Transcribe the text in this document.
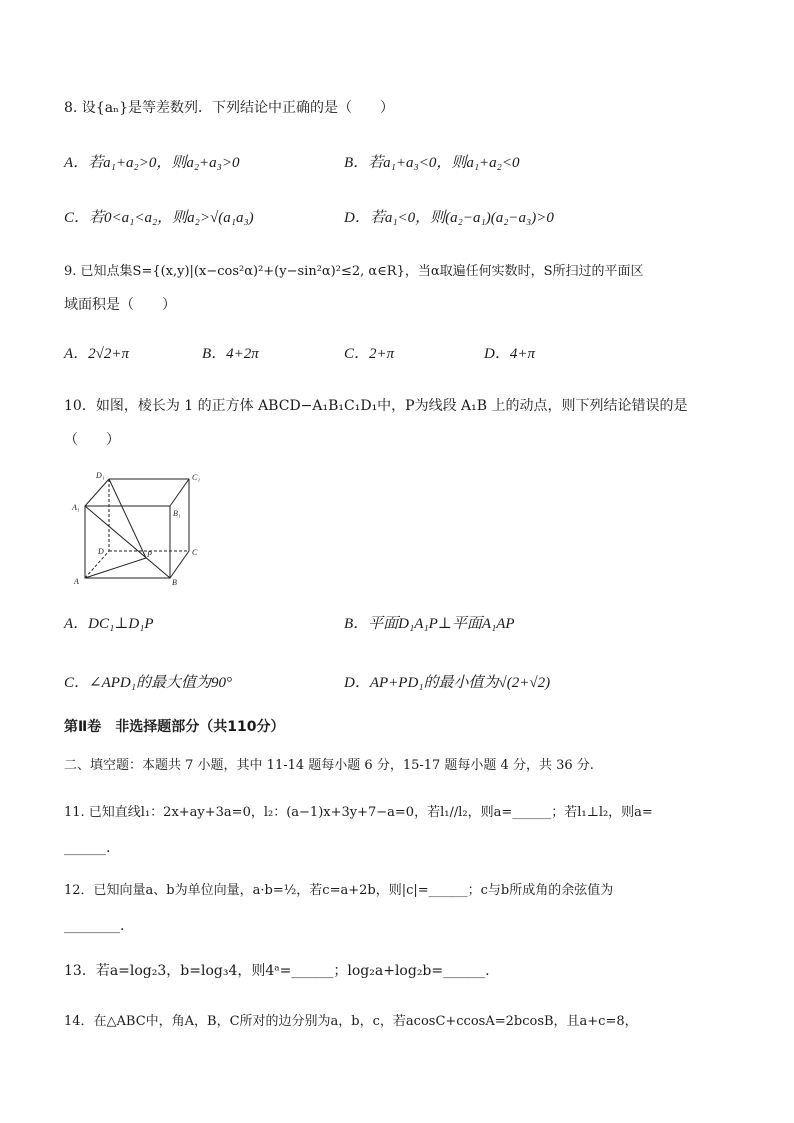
8. 设{aₙ}是等差数列．下列结论中正确的是（　　）
A．若a₁+a₂>0，则a₂+a₃>0	B．若a₁+a₃<0，则a₁+a₂<0
C．若0<a₁<a₂，则a₂>√(a₁a₃)	D．若a₁<0，则(a₂−a₁)(a₂−a₃)>0
9. 已知点集S={(x,y)|(x−cos²α)²+(y−sin²α)²≤2, α∈R}，当α取遍任何实数时，S所扫过的平面区
域面积是（　　）
A．2√2+π	B．4+2π	C．2+π	D．4+π
10．如图，棱长为 1 的正方体 ABCD−A₁B₁C₁D₁中，P为线段 A₁B 上的动点，则下列结论错误的是
（　　）
D₁	C₁
A₁
B₁
D	P	C
A	B
A．DC₁⊥D₁P	B．平面D₁A₁P⊥平面A₁AP
C．∠APD₁的最大值为90°	D．AP+PD₁的最小值为√(2+√2)
第Ⅱ卷　非选择题部分（共110分）
二、填空题：本题共 7 小题，其中 11-14 题每小题 6 分，15-17 题每小题 4 分，共 36 分.
11. 已知直线l₁：2x+ay+3a=0，l₂：(a−1)x+3y+7−a=0，若l₁//l₂，则a=______；若l₁⊥l₂，则a=
______.
12．已知向量a、b为单位向量，a·b=½，若c=a+2b，则|c|=______；c与b所成角的余弦值为
________.
13．若a=log₂3，b=log₃4，则4ᵃ=______；log₂a+log₂b=______.
14．在△ABC中，角A，B，C所对的边分别为a，b，c，若acosC+ccosA=2bcosB，且a+c=8，
